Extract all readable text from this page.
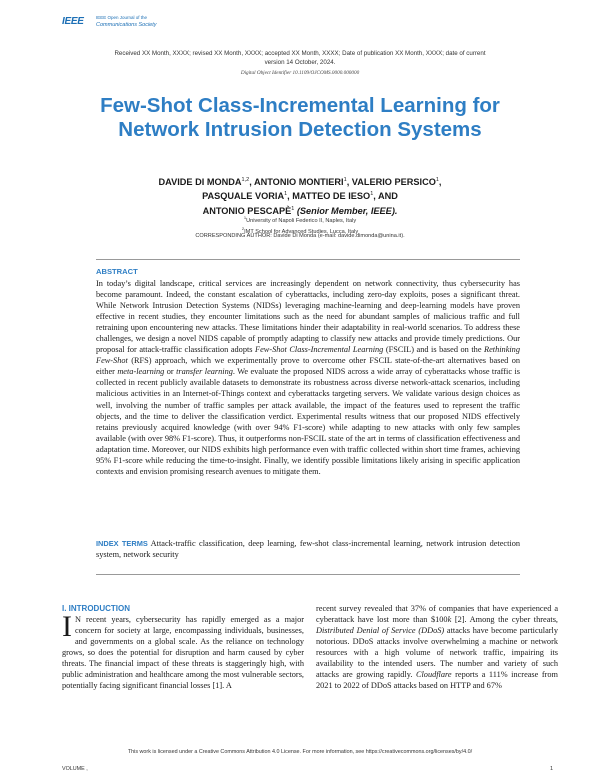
IEEE	IEEE Open Journal of the
Communications Society
Received XX Month, XXXX; revised XX Month, XXXX; accepted XX Month, XXXX; Date of publication XX Month, XXXX; date of current version 14 October, 2024.
Digital Object Identifier 10.1109/OJCOMS.0000.000000
Few-Shot Class-Incremental Learning for Network Intrusion Detection Systems
DAVIDE DI MONDA$^{1,2}$, ANTONIO MONTIERI$^1$, VALERIO PERSICO$^1$,
PASQUALE VORIA$^1$, MATTEO DE IESO$^1$, AND
ANTONIO PESCAPÈ$^1$ (Senior Member, IEEE).
$^1$University of Napoli Federico II, Naples, Italy
$^2$IMT School for Advanced Studies, Lucca, Italy
CORRESPONDING AUTHOR: Davide Di Monda (e-mail: davide.dimonda@unina.it).
ABSTRACT
In today’s digital landscape, critical services are increasingly dependent on network connectivity, thus cybersecurity has become paramount. Indeed, the constant escalation of cyberattacks, including zero-day exploits, poses a significant threat. While Network Intrusion Detection Systems (NIDSs) leveraging machine-learning and deep-learning models have proven effective in recent studies, they encounter limitations such as the need for abundant samples of malicious traffic and full retraining upon encountering new attacks. These limitations hinder their adaptability in real-world scenarios. To address these challenges, we design a novel NIDS capable of promptly adapting to classify new attacks and provide timely predictions. Our proposal for attack-traffic classification adopts Few-Shot Class-Incremental Learning (FSCIL) and is based on the Rethinking Few-Shot (RFS) approach, which we experimentally prove to overcome other FSCIL state-of-the-art alternatives based on either meta-learning or transfer learning. We evaluate the proposed NIDS across a wide array of cyberattacks whose traffic is collected in recent publicly available datasets to demonstrate its robustness across diverse network-attack scenarios, including malicious activities in an Internet-of-Things context and cyberattacks targeting servers. We validate various design choices as well, involving the number of traffic samples per attack available, the impact of the features used to represent the traffic objects, and the time to deliver the classification verdict. Experimental results witness that our proposed NIDS effectively retains previously acquired knowledge (with over 94% F1-score) while adapting to new attacks with only few samples available (with over 98% F1-score). Thus, it outperforms non-FSCIL state of the art in terms of classification effectiveness and adaptation time. Moreover, our NIDS exhibits high performance even with traffic collected within short time frames, achieving 95% F1-score while reducing the time-to-insight. Finally, we identify possible limitations likely arising in specific application contexts and envision promising research avenues to mitigate them.
INDEX TERMS Attack-traffic classification, deep learning, few-shot class-incremental learning, network intrusion detection system, network security
I. INTRODUCTION
I N recent years, cybersecurity has rapidly emerged as a major concern for society at large, encompassing individuals, businesses, and governments on a global scale. As the reliance on technology grows, so does the potential for disruption and harm caused by cyber threats. The financial impact of these threats is staggeringly high, with public administration and healthcare among the most vulnerable sectors, potentially facing significant financial losses [1]. A
recent survey revealed that 37% of companies that have experienced a cyberattack have lost more than $100k [2]. Among the cyber threats, Distributed Denial of Service (DDoS) attacks have become particularly notorious. DDoS attacks involve overwhelming a machine or network resources with a high volume of network traffic, impairing its availability to the intended users. The number and variety of such attacks are growing rapidly. Cloudflare reports a 111% increase from 2021 to 2022 of DDoS attacks based on HTTP and 67%
This work is licensed under a Creative Commons Attribution 4.0 License. For more information, see https://creativecommons.org/licenses/by/4.0/
VOLUME ,	1
